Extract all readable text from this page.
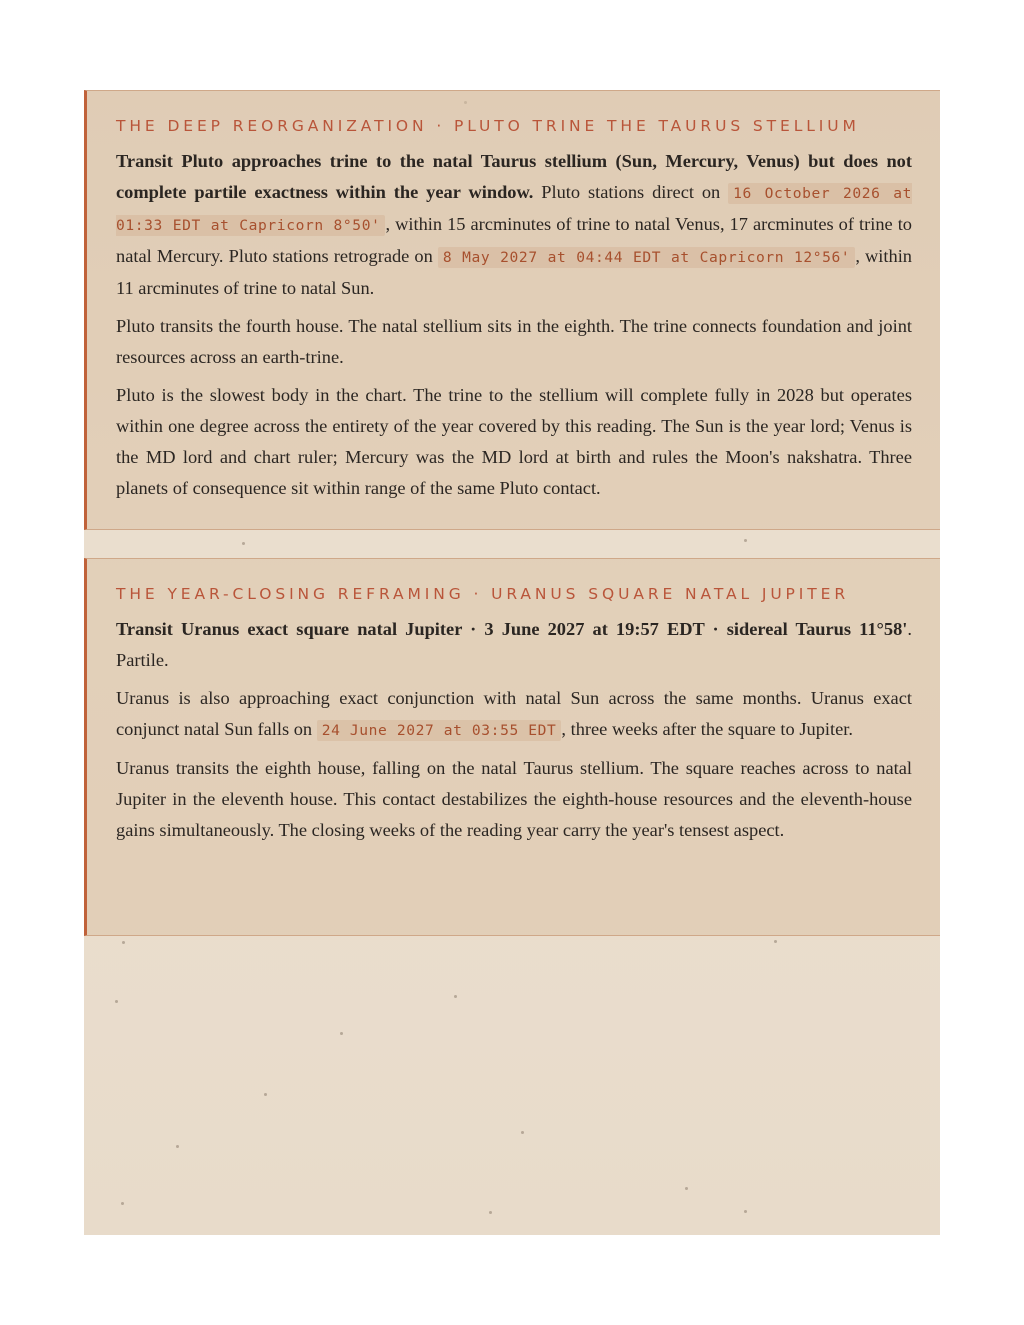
THE DEEP REORGANIZATION · PLUTO TRINE THE TAURUS STELLIUM

Transit Pluto approaches trine to the natal Taurus stellium (Sun, Mercury, Venus) but does not complete partile exactness within the year window. Pluto stations direct on 16 October 2026 at 01:33 EDT at Capricorn 8°50' , within 15 arcminutes of trine to natal Venus, 17 arcminutes of trine to natal Mercury. Pluto stations retrograde on 8 May 2027 at 04:44 EDT at Capricorn 12°56' , within 11 arcminutes of trine to natal Sun.

Pluto transits the fourth house. The natal stellium sits in the eighth. The trine connects foundation and joint resources across an earth-trine.

Pluto is the slowest body in the chart. The trine to the stellium will complete fully in 2028 but operates within one degree across the entirety of the year covered by this reading. The Sun is the year lord; Venus is the MD lord and chart ruler; Mercury was the MD lord at birth and rules the Moon's nakshatra. Three planets of consequence sit within range of the same Pluto contact.

THE YEAR-CLOSING REFRAMING · URANUS SQUARE NATAL JUPITER

Transit Uranus exact square natal Jupiter · 3 June 2027 at 19:57 EDT · sidereal Taurus 11°58'. Partile.

Uranus is also approaching exact conjunction with natal Sun across the same months. Uranus exact conjunct natal Sun falls on 24 June 2027 at 03:55 EDT , three weeks after the square to Jupiter.

Uranus transits the eighth house, falling on the natal Taurus stellium. The square reaches across to natal Jupiter in the eleventh house. This contact destabilizes the eighth-house resources and the eleventh-house gains simultaneously. The closing weeks of the reading year carry the year's tensest aspect.
